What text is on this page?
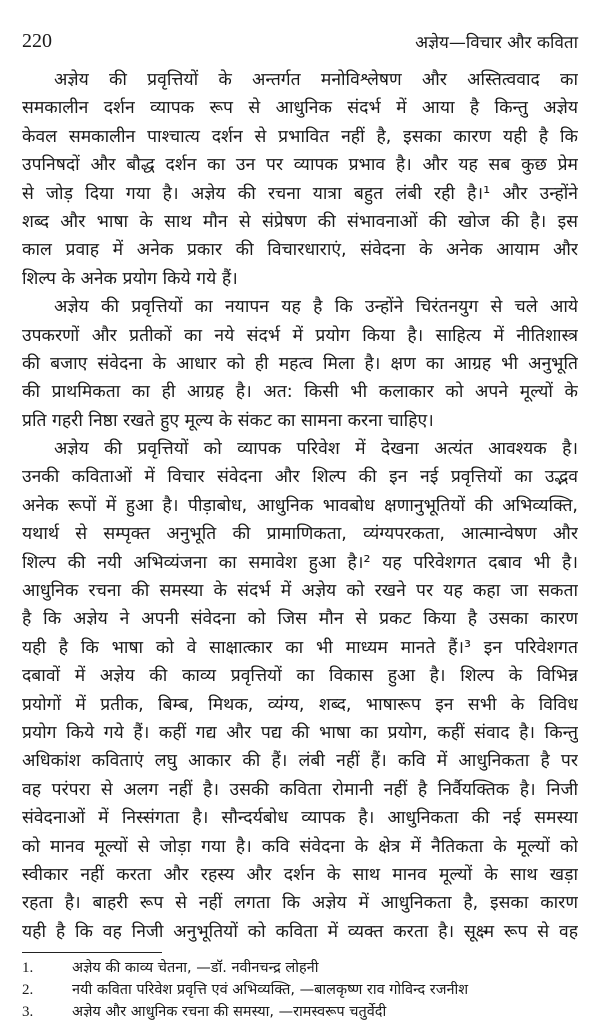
220	अज्ञेय—विचार और कविता
अज्ञेय की प्रवृत्तियों के अन्तर्गत मनोविश्लेषण और अस्तित्ववाद का
समकालीन दर्शन व्यापक रूप से आधुनिक संदर्भ में आया है किन्तु अज्ञेय
केवल समकालीन पाश्चात्य दर्शन से प्रभावित नहीं है, इसका कारण यही है कि
उपनिषदों और बौद्ध दर्शन का उन पर व्यापक प्रभाव है। और यह सब कुछ प्रेम
से जोड़ दिया गया है। अज्ञेय की रचना यात्रा बहुत लंबी रही है।¹ और उन्होंने
शब्द और भाषा के साथ मौन से संप्रेषण की संभावनाओं की खोज की है। इस
काल प्रवाह में अनेक प्रकार की विचारधाराएं, संवेदना के अनेक आयाम और
शिल्प के अनेक प्रयोग किये गये हैं।
अज्ञेय की प्रवृत्तियों का नयापन यह है कि उन्होंने चिरंतनयुग से चले आये
उपकरणों और प्रतीकों का नये संदर्भ में प्रयोग किया है। साहित्य में नीतिशास्त्र
की बजाए संवेदना के आधार को ही महत्व मिला है। क्षण का आग्रह भी अनुभूति
की प्राथमिकता का ही आग्रह है। अत: किसी भी कलाकार को अपने मूल्यों के
प्रति गहरी निष्ठा रखते हुए मूल्य के संकट का सामना करना चाहिए।
अज्ञेय की प्रवृत्तियों को व्यापक परिवेश में देखना अत्यंत आवश्यक है।
उनकी कविताओं में विचार संवेदना और शिल्प की इन नई प्रवृत्तियों का उद्भव
अनेक रूपों में हुआ है। पीड़ाबोध, आधुनिक भावबोध क्षणानुभूतियों की अभिव्यक्ति,
यथार्थ से सम्पृक्त अनुभूति की प्रामाणिकता, व्यंग्यपरकता, आत्मान्वेषण और
शिल्प की नयी अभिव्यंजना का समावेश हुआ है।² यह परिवेशगत दबाव भी है।
आधुनिक रचना की समस्या के संदर्भ में अज्ञेय को रखने पर यह कहा जा सकता
है कि अज्ञेय ने अपनी संवेदना को जिस मौन से प्रकट किया है उसका कारण
यही है कि भाषा को वे साक्षात्कार का भी माध्यम मानते हैं।³ इन परिवेशगत
दबावों में अज्ञेय की काव्य प्रवृत्तियों का विकास हुआ है। शिल्प के विभिन्न
प्रयोगों में प्रतीक, बिम्ब, मिथक, व्यंग्य, शब्द, भाषारूप इन सभी के विविध
प्रयोग किये गये हैं। कहीं गद्य और पद्य की भाषा का प्रयोग, कहीं संवाद है। किन्तु
अधिकांश कविताएं लघु आकार की हैं। लंबी नहीं हैं। कवि में आधुनिकता है पर
वह परंपरा से अलग नहीं है। उसकी कविता रोमानी नहीं है निर्वैयक्तिक है। निजी
संवेदनाओं में निस्संगता है। सौन्दर्यबोध व्यापक है। आधुनिकता की नई समस्या
को मानव मूल्यों से जोड़ा गया है। कवि संवेदना के क्षेत्र में नैतिकता के मूल्यों को
स्वीकार नहीं करता और रहस्य और दर्शन के साथ मानव मूल्यों के साथ खड़ा
रहता है। बाहरी रूप से नहीं लगता कि अज्ञेय में आधुनिकता है, इसका कारण
यही है कि वह निजी अनुभूतियों को कविता में व्यक्त करता है। सूक्ष्म रूप से वह
1.	अज्ञेय की काव्य चेतना, —डॉ. नवीनचन्द्र लोहनी
2.	नयी कविता परिवेश प्रवृत्ति एवं अभिव्यक्ति, —बालकृष्ण राव गोविन्द रजनीश
3.	अज्ञेय और आधुनिक रचना की समस्या, —रामस्वरूप चतुर्वेदी
